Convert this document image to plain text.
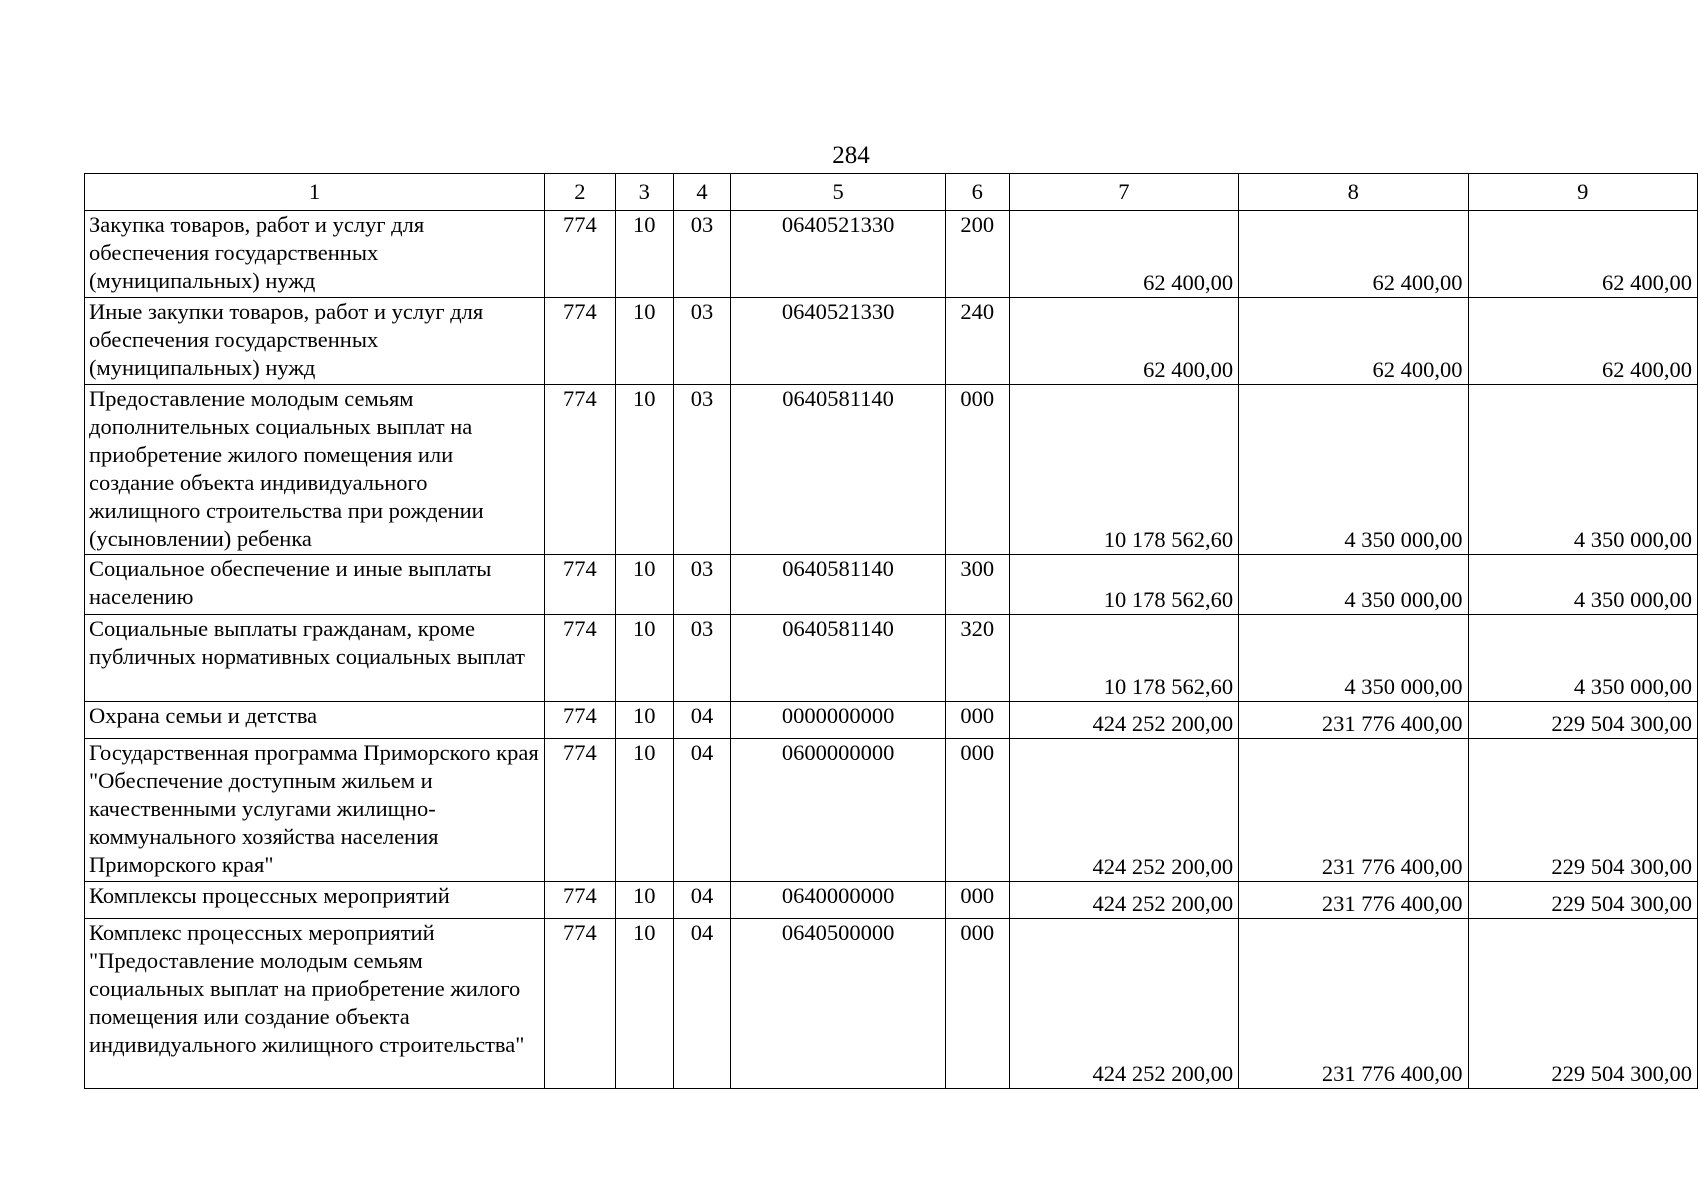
284
1	2	3	4	5	6	7	8	9
Закупка товаров, работ и услуг для обеспечения государственных (муниципальных) нужд	774	10	03	0640521330	200	62 400,00	62 400,00	62 400,00
Иные закупки товаров, работ и услуг для обеспечения государственных (муниципальных) нужд	774	10	03	0640521330	240	62 400,00	62 400,00	62 400,00
Предоставление молодым семьям дополнительных социальных выплат на приобретение жилого помещения или создание объекта индивидуального жилищного строительства при рождении (усыновлении) ребенка	774	10	03	0640581140	000	10 178 562,60	4 350 000,00	4 350 000,00
Социальное обеспечение и иные выплаты населению	774	10	03	0640581140	300	10 178 562,60	4 350 000,00	4 350 000,00
Социальные выплаты гражданам, кроме публичных нормативных социальных выплат	774	10	03	0640581140	320	10 178 562,60	4 350 000,00	4 350 000,00
Охрана семьи и детства	774	10	04	0000000000	000	424 252 200,00	231 776 400,00	229 504 300,00
Государственная программа Приморского края "Обеспечение доступным жильем и качественными услугами жилищно-коммунального хозяйства населения Приморского края"	774	10	04	0600000000	000	424 252 200,00	231 776 400,00	229 504 300,00
Комплексы процессных мероприятий	774	10	04	0640000000	000	424 252 200,00	231 776 400,00	229 504 300,00
Комплекс процессных мероприятий "Предоставление молодым семьям социальных выплат на приобретение жилого помещения или создание объекта индивидуального жилищного строительства"	774	10	04	0640500000	000	424 252 200,00	231 776 400,00	229 504 300,00
